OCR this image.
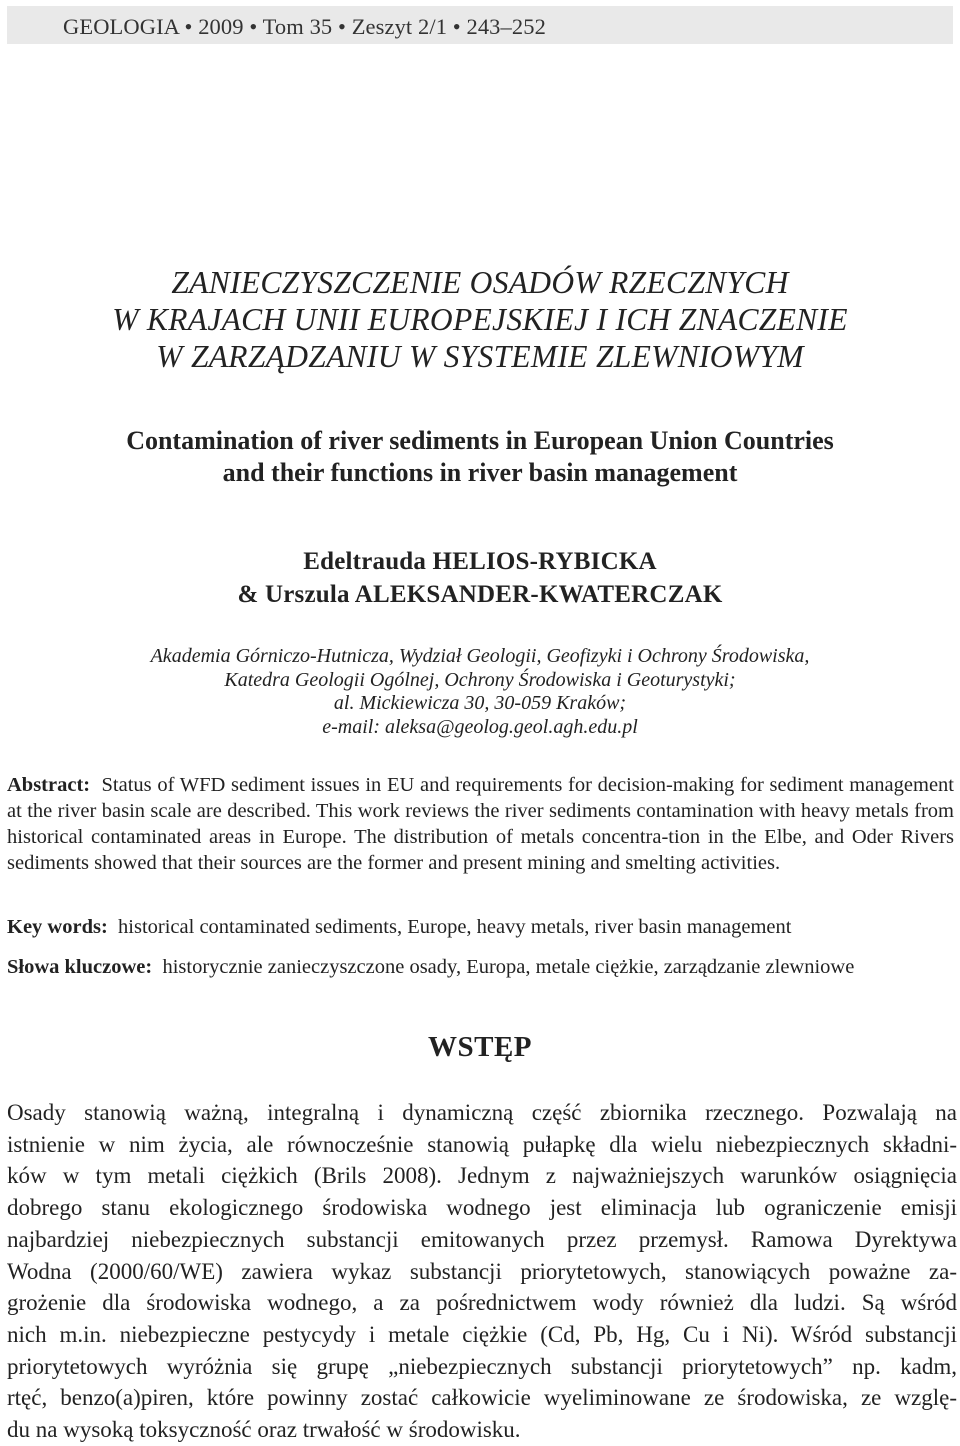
GEOLOGIA • 2009 • Tom 35 • Zeszyt 2/1 • 243–252
ZANIECZYSZCZENIE OSADÓW RZECZNYCH
W KRAJACH UNII EUROPEJSKIEJ I ICH ZNACZENIE
W ZARZĄDZANIU W SYSTEMIE ZLEWNIOWYM
Contamination of river sediments in European Union Countries
and their functions in river basin management
Edeltrauda HELIOS-RYBICKA
& Urszula ALEKSANDER-KWATERCZAK
Akademia Górniczo-Hutnicza, Wydział Geologii, Geofizyki i Ochrony Środowiska,
Katedra Geologii Ogólnej, Ochrony Środowiska i Geoturystyki;
al. Mickiewicza 30, 30-059 Kraków;
e-mail: aleksa@geolog.geol.agh.edu.pl
Abstract: Status of WFD sediment issues in EU and requirements for decision-making for sediment management at the river basin scale are described. This work reviews the river sediments contamination with heavy metals from historical contaminated areas in Europe. The distribution of metals concentra-tion in the Elbe, and Oder Rivers sediments showed that their sources are the former and present mining and smelting activities.
Key words: historical contaminated sediments, Europe, heavy metals, river basin management
Słowa kluczowe: historycznie zanieczyszczone osady, Europa, metale ciężkie, zarządzanie zlewniowe
WSTĘP
Osady stanowią ważną, integralną i dynamiczną część zbiornika rzecznego. Pozwalają na
istnienie w nim życia, ale równocześnie stanowią pułapkę dla wielu niebezpiecznych składni-
ków w tym metali ciężkich (Brils 2008). Jednym z najważniejszych warunków osiągnięcia
dobrego stanu ekologicznego środowiska wodnego jest eliminacja lub ograniczenie emisji
najbardziej niebezpiecznych substancji emitowanych przez przemysł. Ramowa Dyrektywa
Wodna (2000/60/WE) zawiera wykaz substancji priorytetowych, stanowiących poważne za-
grożenie dla środowiska wodnego, a za pośrednictwem wody również dla ludzi. Są wśród
nich m.in. niebezpieczne pestycydy i metale ciężkie (Cd, Pb, Hg, Cu i Ni). Wśród substancji
priorytetowych wyróżnia się grupę „niebezpiecznych substancji priorytetowych” np. kadm,
rtęć, benzo(a)piren, które powinny zostać całkowicie wyeliminowane ze środowiska, ze wzglę-
du na wysoką toksyczność oraz trwałość w środowisku.
